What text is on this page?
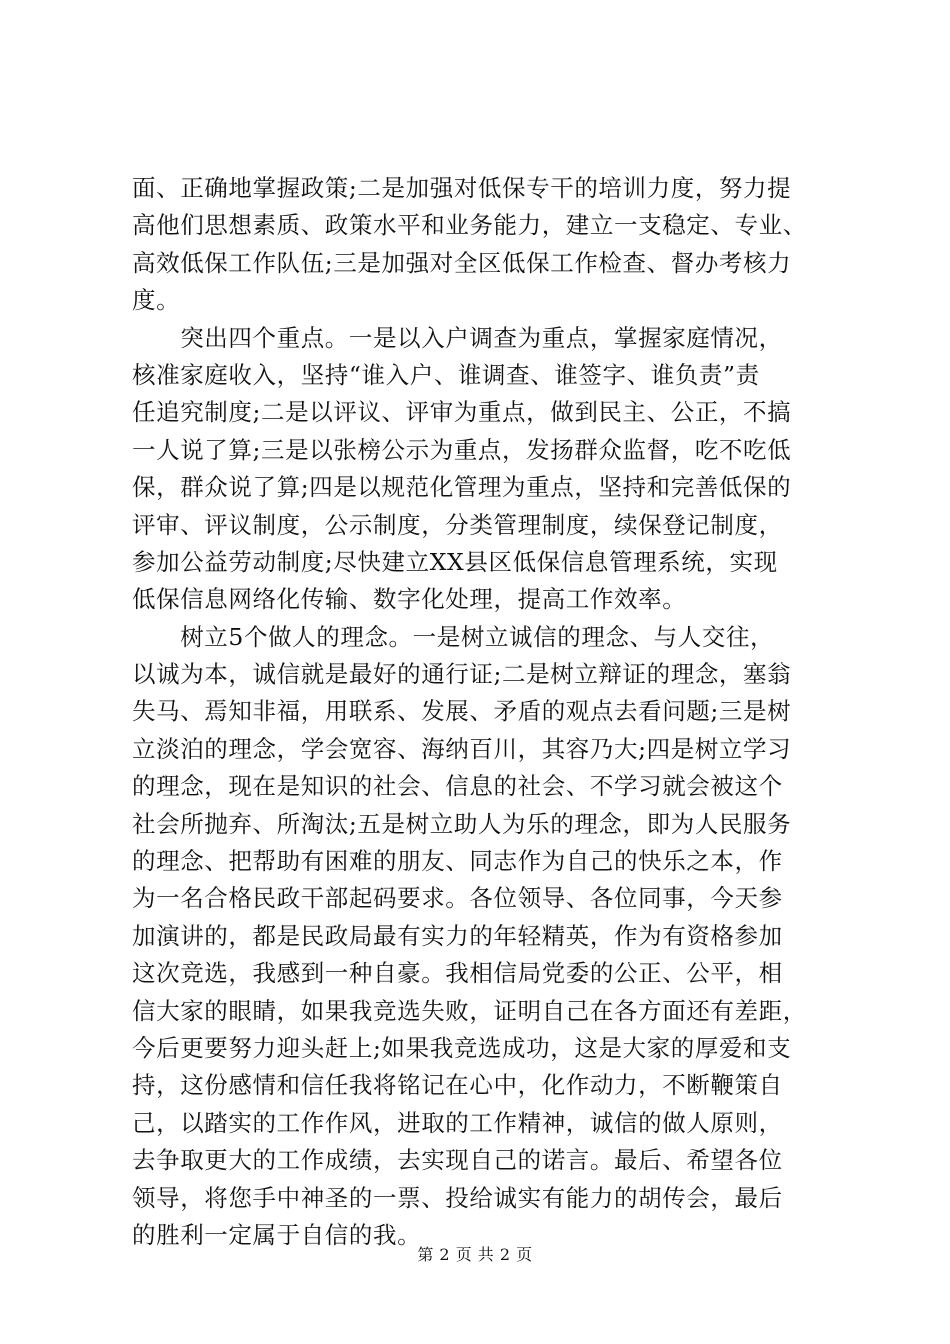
面、正确地掌握政策;二是加强对低保专干的培训力度，努力提
高他们思想素质、政策水平和业务能力，建立一支稳定、专业、
高效低保工作队伍;三是加强对全区低保工作检查、督办考核力
度。
　　突出四个重点。一是以入户调查为重点，掌握家庭情况，
核准家庭收入，坚持“谁入户、谁调查、谁签字、谁负责”责
任追究制度;二是以评议、评审为重点，做到民主、公正，不搞
一人说了算;三是以张榜公示为重点，发扬群众监督，吃不吃低
保，群众说了算;四是以规范化管理为重点，坚持和完善低保的
评审、评议制度，公示制度，分类管理制度，续保登记制度，
参加公益劳动制度;尽快建立XX县区低保信息管理系统，实现
低保信息网络化传输、数字化处理，提高工作效率。
　　树立5个做人的理念。一是树立诚信的理念、与人交往，
以诚为本，诚信就是最好的通行证;二是树立辩证的理念，塞翁
失马、焉知非福，用联系、发展、矛盾的观点去看问题;三是树
立淡泊的理念，学会宽容、海纳百川，其容乃大;四是树立学习
的理念，现在是知识的社会、信息的社会、不学习就会被这个
社会所抛弃、所淘汰;五是树立助人为乐的理念，即为人民服务
的理念、把帮助有困难的朋友、同志作为自己的快乐之本，作
为一名合格民政干部起码要求。各位领导、各位同事，今天参
加演讲的，都是民政局最有实力的年轻精英，作为有资格参加
这次竞选，我感到一种自豪。我相信局党委的公正、公平，相
信大家的眼睛，如果我竞选失败，证明自己在各方面还有差距，
今后更要努力迎头赶上;如果我竞选成功，这是大家的厚爱和支
持，这份感情和信任我将铭记在心中，化作动力，不断鞭策自
己，以踏实的工作作风，进取的工作精神，诚信的做人原则，
去争取更大的工作成绩，去实现自己的诺言。最后、希望各位
领导，将您手中神圣的一票、投给诚实有能力的胡传会，最后
的胜利一定属于自信的我。
第 2 页 共 2 页
